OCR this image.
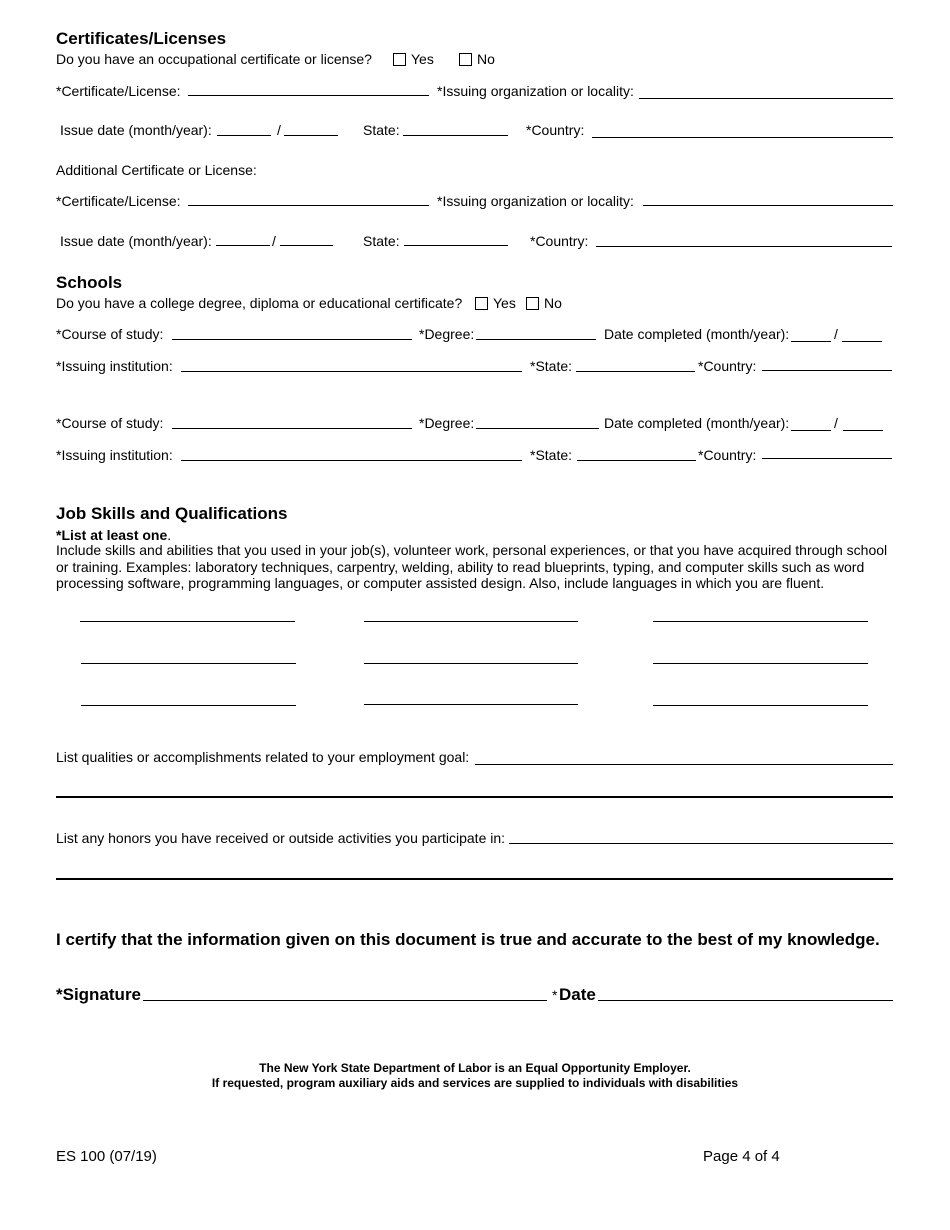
Certificates/Licenses
Do you have an occupational certificate or license?	Yes	No
*Certificate/License:	*Issuing organization or locality:
Issue date (month/year):	/	State:	*Country:
Additional Certificate or License:
*Certificate/License:	*Issuing organization or locality:
Issue date (month/year):	/	State:	*Country:
Schools
Do you have a college degree, diploma or educational certificate? Yes No
*Course of study:	*Degree:	Date completed (month/year):	/
*Issuing institution:	*State:	*Country:
*Course of study:	*Degree:	Date completed (month/year):	/
*Issuing institution:	*State:	*Country:
Job Skills and Qualifications
*List at least one.
Include skills and abilities that you used in your job(s), volunteer work, personal experiences, or that you have acquired through school or training. Examples: laboratory techniques, carpentry, welding, ability to read blueprints, typing, and computer skills such as word processing software, programming languages, or computer assisted design. Also, include languages in which you are fluent.
List qualities or accomplishments related to your employment goal:
List any honors you have received or outside activities you participate in:
I certify that the information given on this document is true and accurate to the best of my knowledge.
*Signature	* Date
The New York State Department of Labor is an Equal Opportunity Employer.
If requested, program auxiliary aids and services are supplied to individuals with disabilities
ES 100 (07/19)	Page 4 of 4
